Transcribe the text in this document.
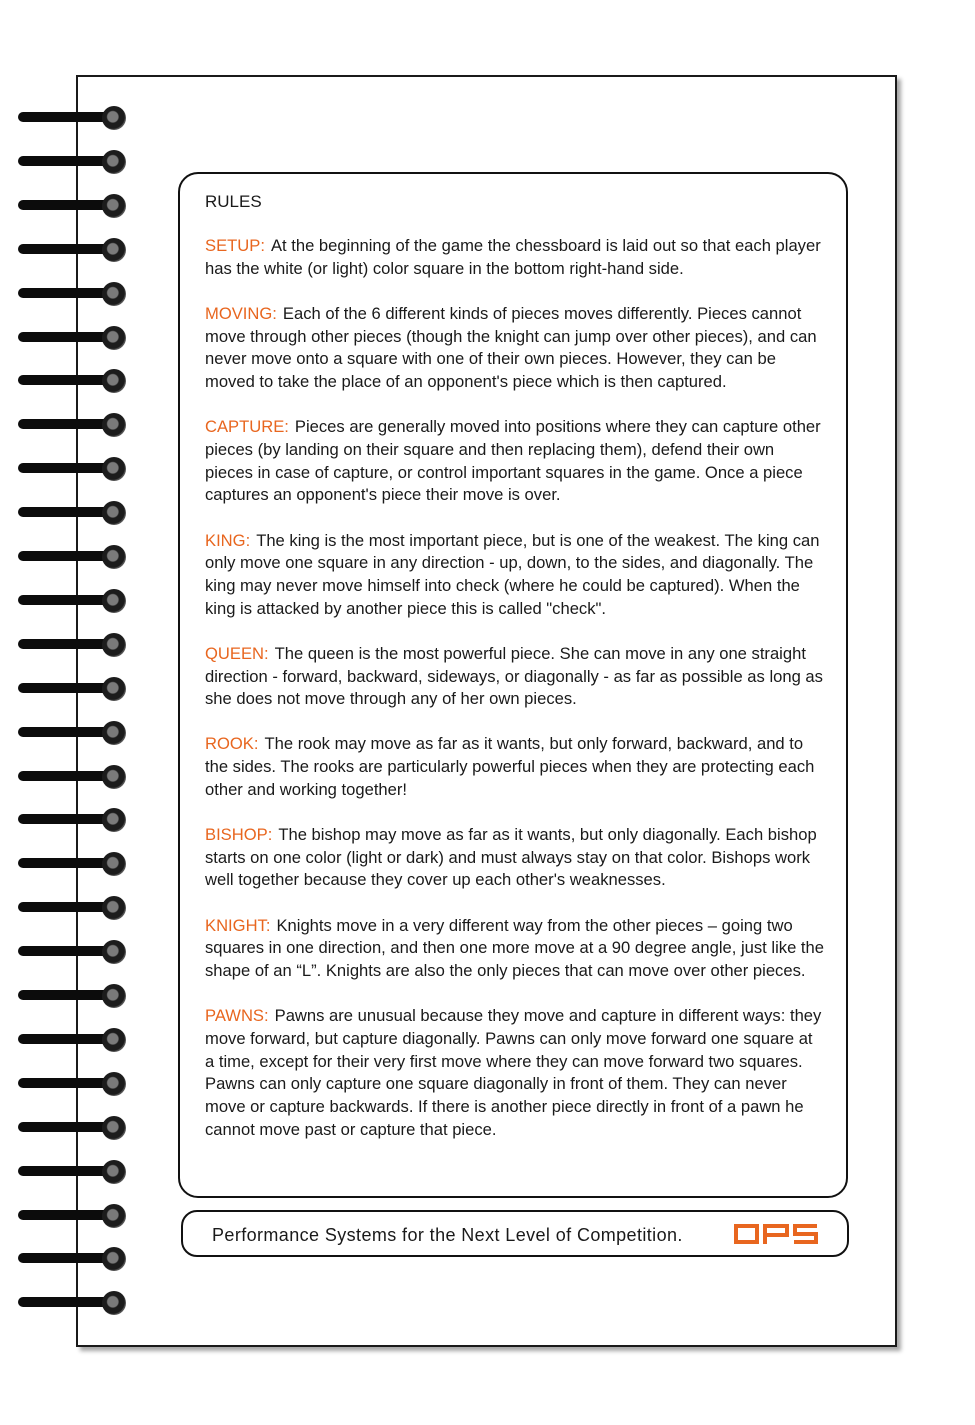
RULES

SETUP: At the beginning of the game the chessboard is laid out so that each player has the white (or light) color square in the bottom right-hand side.

MOVING: Each of the 6 different kinds of pieces moves differently. Pieces cannot move through other pieces (though the knight can jump over other pieces), and can never move onto a square with one of their own pieces. However, they can be moved to take the place of an opponent's piece which is then captured.

CAPTURE: Pieces are generally moved into positions where they can capture other pieces (by landing on their square and then replacing them), defend their own pieces in case of capture, or control important squares in the game. Once a piece captures an opponent's piece their move is over.

KING: The king is the most important piece, but is one of the weakest. The king can only move one square in any direction - up, down, to the sides, and diagonally. The king may never move himself into check (where he could be captured). When the king is attacked by another piece this is called "check".

QUEEN: The queen is the most powerful piece. She can move in any one straight direction - forward, backward, sideways, or diagonally - as far as possible as long as she does not move through any of her own pieces.

ROOK: The rook may move as far as it wants, but only forward, backward, and to the sides. The rooks are particularly powerful pieces when they are protecting each other and working together!

BISHOP: The bishop may move as far as it wants, but only diagonally. Each bishop starts on one color (light or dark) and must always stay on that color. Bishops work well together because they cover up each other's weaknesses.

KNIGHT: Knights move in a very different way from the other pieces – going two squares in one direction, and then one more move at a 90 degree angle, just like the shape of an “L”. Knights are also the only pieces that can move over other pieces.

PAWNS: Pawns are unusual because they move and capture in different ways: they move forward, but capture diagonally. Pawns can only move forward one square at a time, except for their very first move where they can move forward two squares. Pawns can only capture one square diagonally in front of them. They can never move or capture backwards. If there is another piece directly in front of a pawn he cannot move past or capture that piece.

Performance Systems for the Next Level of Competition.
